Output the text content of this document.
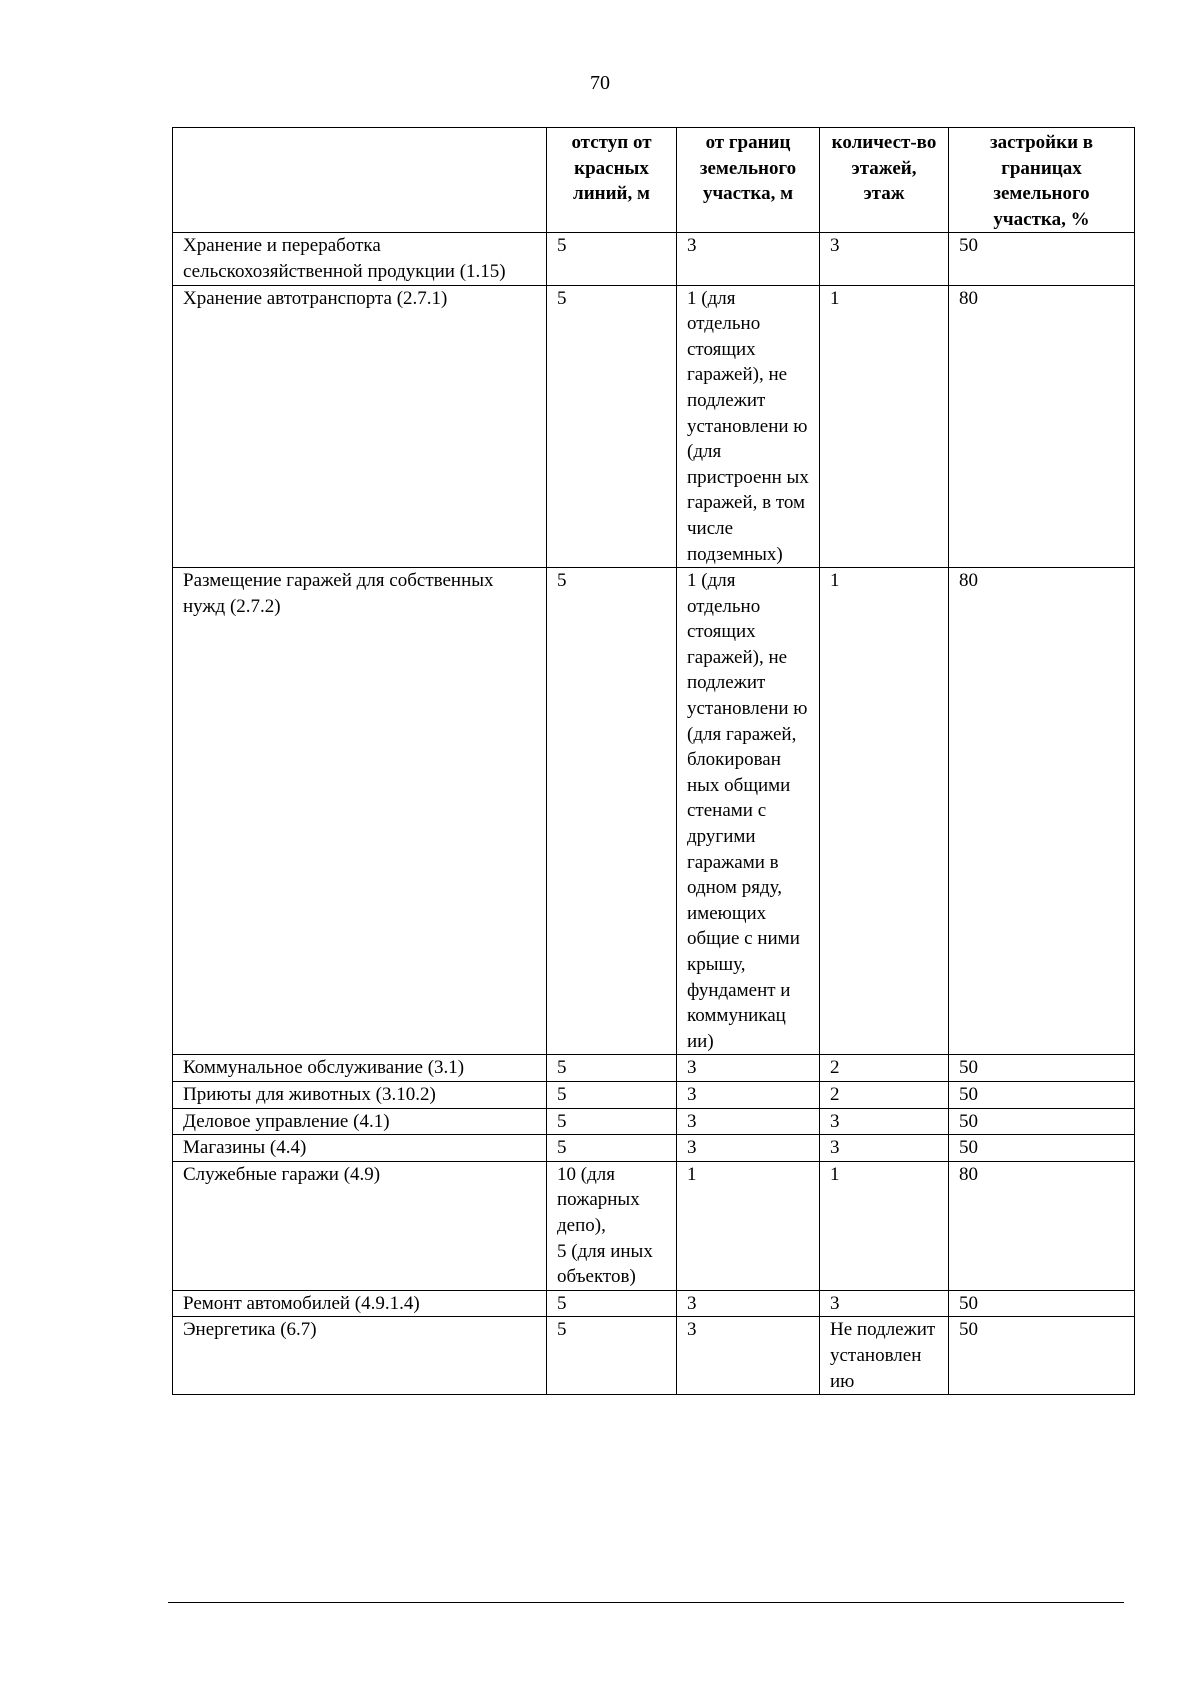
70
	отступ от красных линий, м	от границ земельного участка, м	количест-во этажей, этаж	застройки в границах земельного участка, %
Хранение и переработка сельскохозяйственной продукции (1.15)	5	3	3	50
Хранение автотранспорта (2.7.1)	5	1 (для отдельно стоящих гаражей), не подлежит установлени ю (для пристроенн ых гаражей, в том числе подземных)	1	80
Размещение гаражей для собственных нужд (2.7.2)	5	1 (для отдельно стоящих гаражей), не подлежит установлени ю (для гаражей, блокирован ных общими стенами с другими гаражами в одном ряду, имеющих общие с ними крышу, фундамент и коммуникац ии)	1	80
Коммунальное обслуживание (3.1)	5	3	2	50
Приюты для животных (3.10.2)	5	3	2	50
Деловое управление (4.1)	5	3	3	50
Магазины (4.4)	5	3	3	50
Служебные гаражи (4.9)	10 (для пожарных депо),
5 (для иных объектов)	1	1	80
Ремонт автомобилей (4.9.1.4)	5	3	3	50
Энергетика (6.7)	5	3	Не подлежит установлен ию	50
